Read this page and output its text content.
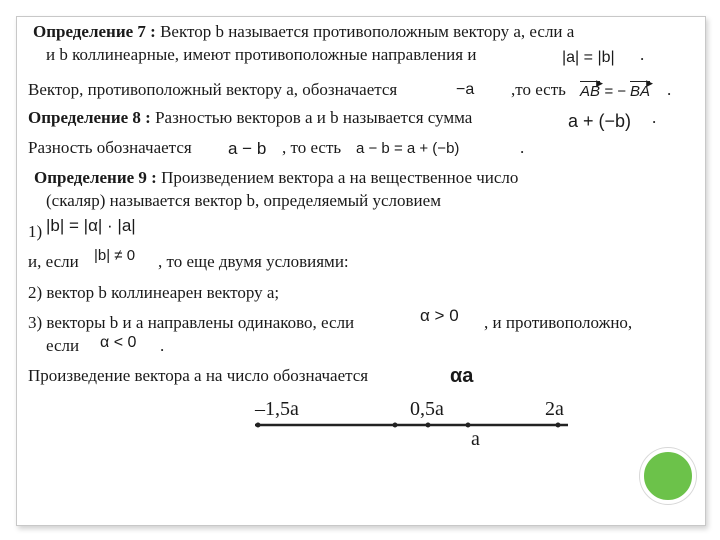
Определение 7 : Вектор b называется противоположным вектору a, если a
и b коллинеарные, имеют противоположные направления и	|a| = |b| .
Вектор, противоположный вектору a, обозначается	−a ,то есть AB
▶ = − BA
▶ .
Определение 8 : Разностью векторов a и b называется сумма	a + (−b) .
Разность обозначается a − b , то есть a − b = a + (−b)	.
Определение 9 : Произведением вектора a на вещественное число
(скаляр) называется вектор b, определяемый условием
1) |b| = |α| · |a|
и, если |b| ≠ 0 , то еще двумя условиями:
2) вектор b коллинеарен вектору a;
3) векторы b и a направлены одинаково, если	α > 0 , и противоположно,
если α < 0 .
Произведение вектора a на число обозначается	αa
–1,5a	0,5a	2a
a
